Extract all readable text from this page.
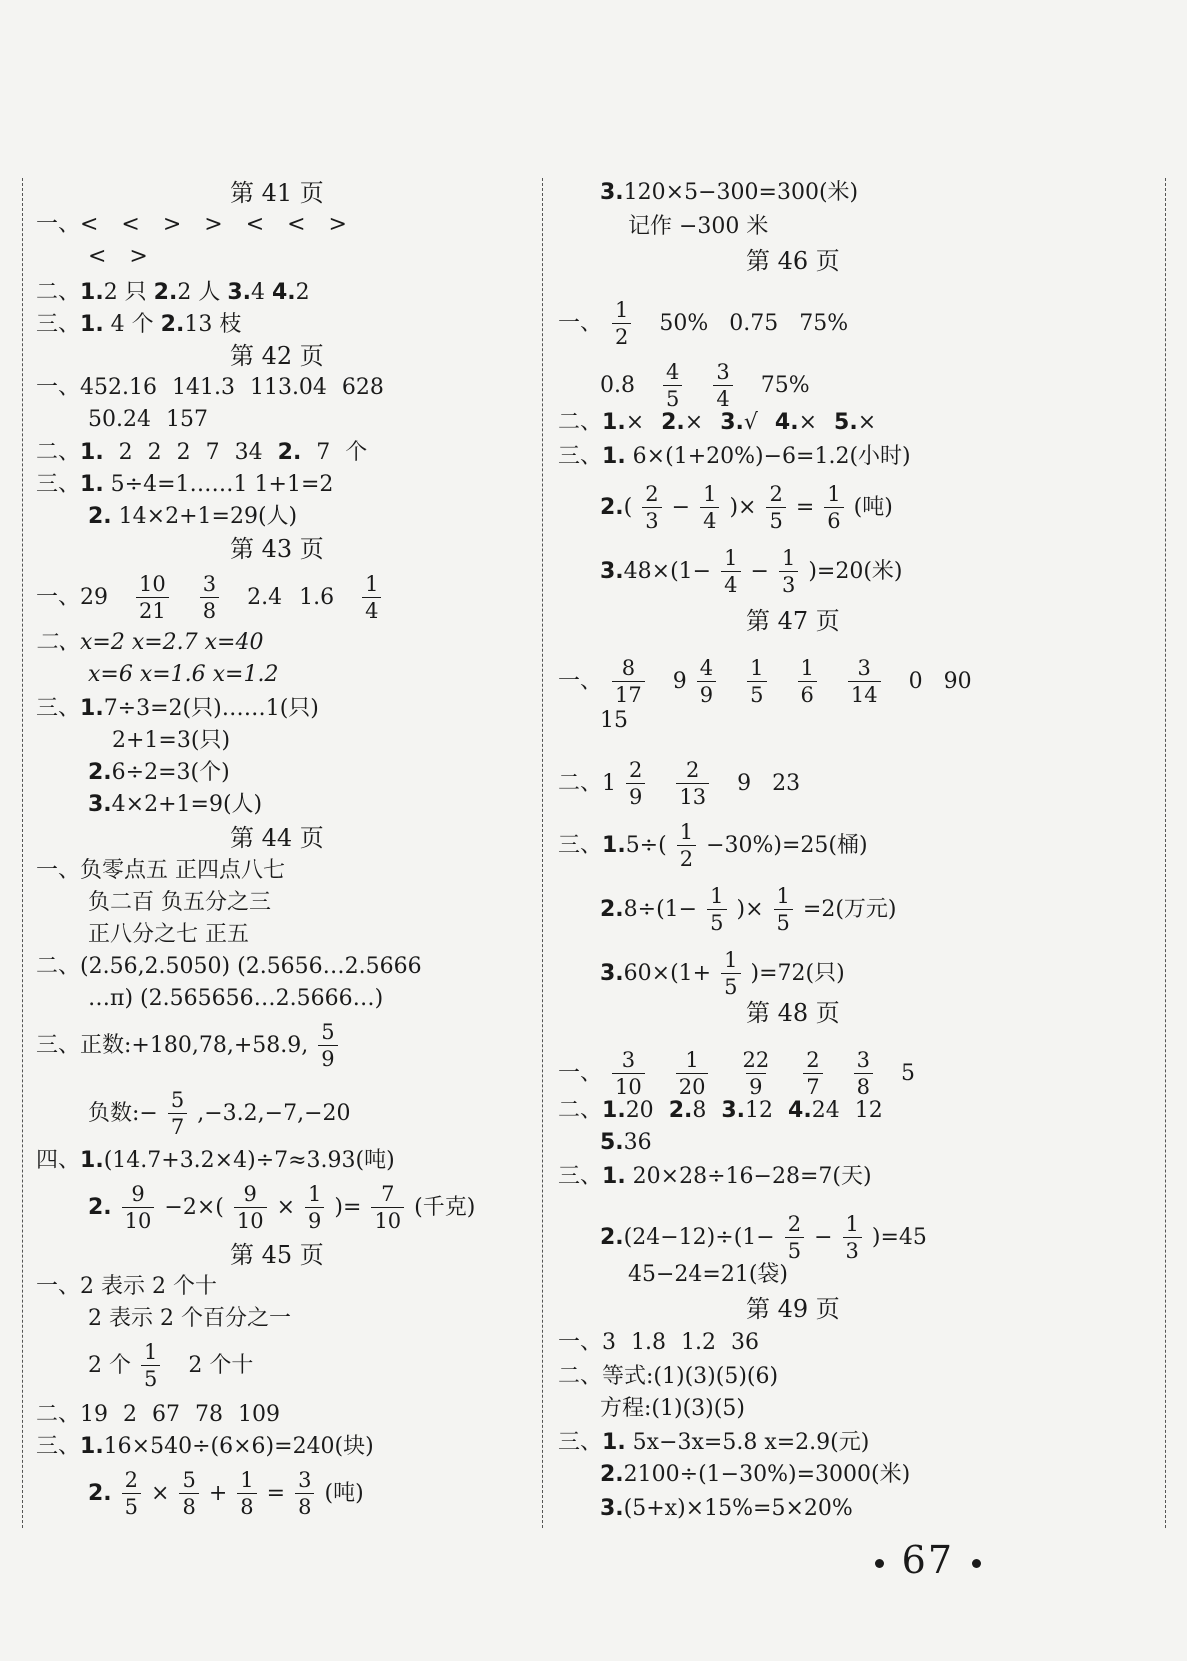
第 41 页
一、< < > > < < >
< >
二、1.2 只 2.2 人 3.4 4.2
三、1. 4 个 2.13 枝
第 42 页
一、452.16 141.3 113.04 628
50.24 157
二、1. 2 2 2 7 34 2. 7 个
三、1. 5÷4=1……1 1+1=2
2. 14×2+1=29(人)
第 43 页
一、$29 \frac{10}{21}$
$\frac{3}{8} 2.4$ $1.6 \frac{1}{4}$
二、x=2 x=2.7 x=40
x=6 x=1.6 x=1.2
三、1.7÷3=2(只)……1(只)
2+1=3(只)
2.6÷2=3(个)
3.4×2+1=9(人)
第 44 页
一、负零点五 正四点八七
负二百 负五分之三
正八分之七 正五
二、(2.56,2.5050) (2.5656…2.5666
…π) (2.565656…2.5666…)
三、正数:+180,78,+58.9, $\frac{5}{9}$
负数:− $\frac{5}{7} ,-3.2,-7,-20$
四、1.(14.7+3.2×4)÷7≈3.93(吨)
2. $\frac{9}{10} -2\times( \frac{9}{10} \times \frac{1}{9}$ )= $\frac{7}{10}$ (千克)
第 45 页
一、2 表示 2 个十
2 表示 2 个百分之一
2 个 $\frac{1}{5} 2$ 个十
二、19 2 67 78 109
三、1.16×540÷(6×6)=240(块)
2. $\frac{2}{5} \times \frac{5}{8} + \frac{1}{8} = \frac{3}{8}$ (吨)
3.120×5−300=300(米)
记作 −300 米
第 46 页
一、 $\frac{1}{2} 50\%$ 0.75 75%
$0.8 \frac{4}{5}$
$\frac{3}{4} 75\%$
二、1.× 2.× 3.√ 4.× 5.×
三、1. 6×(1+20%)−6=1.2(小时)
$2.( \frac{2}{3} - \frac{1}{4}$ )× $\frac{2}{5} = \frac{1}{6}$ (吨)
$3.48\times(1- \frac{1}{4} - \frac{1}{3} )=20$(米)
第 47 页
一、 $\frac{8}{17} 9 \frac{4}{9}$
$\frac{1}{5}$
$\frac{1}{6}$
$\frac{3}{14} 0$ 90
15
二、$1 \frac{2}{9}$
$\frac{2}{13} 9$ 23
三、$1.5\div( \frac{1}{2} -30\%)=25$(桶)
$2.8\div(1- \frac{1}{5}$ )× $\frac{1}{5} =2$(万元)
$3.60\times(1+ \frac{1}{5} )=72$(只)
第 48 页
一、 $\frac{3}{10}$
$\frac{1}{20}$
$\frac{22}{9}$
$\frac{2}{7}$
$\frac{3}{8} 5$
二、1.20 2.8 3.12 4.24 12
5.36
三、1. 20×28÷16−28=7(天)
$2.(24-12)\div(1- \frac{2}{5} - \frac{1}{3} )=45$
45−24=21(袋)
第 49 页
一、3 1.8 1.2 36
二、等式:(1)(3)(5)(6)
方程:(1)(3)(5)
三、1. 5x−3x=5.8 x=2.9(元)
2.2100÷(1−30%)=3000(米)
3.(5+x)×15%=5×20%
67
